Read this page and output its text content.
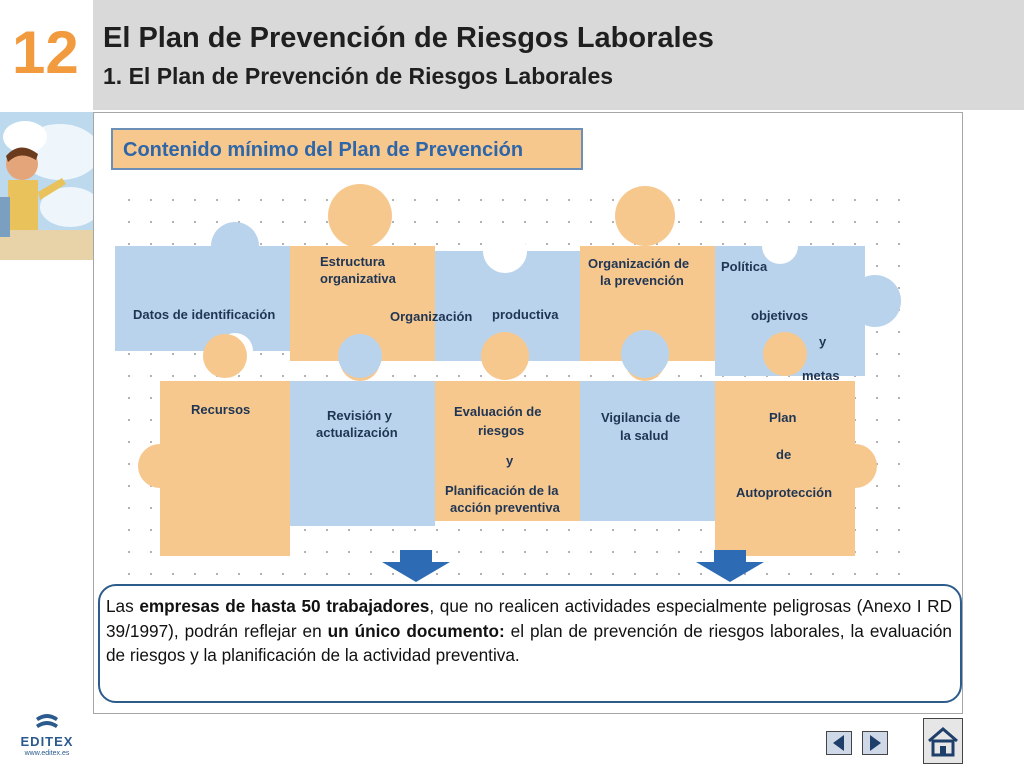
12 El Plan de Prevención de Riesgos Laborales
1. El Plan de Prevención de Riesgos Laborales
Contenido mínimo del Plan de Prevención
Datos de identificación
Estructura
organizativa
Organización productiva
Organización de
la prevención
Política
objetivos
y
metas
Recursos	Revisión y
actualización
Evaluación de
riesgos
y
Planificación de la
acción preventiva
Vigilancia de
la salud
Plan
de
Autoprotección
Las empresas de hasta 50 trabajadores, que no realicen actividades especialmente peligrosas (Anexo I RD 39/1997), podrán reflejar en un único documento: el plan de prevención de riesgos laborales, la evaluación de riesgos y la planificación de la actividad preventiva.
EDITEX
www.editex.es
